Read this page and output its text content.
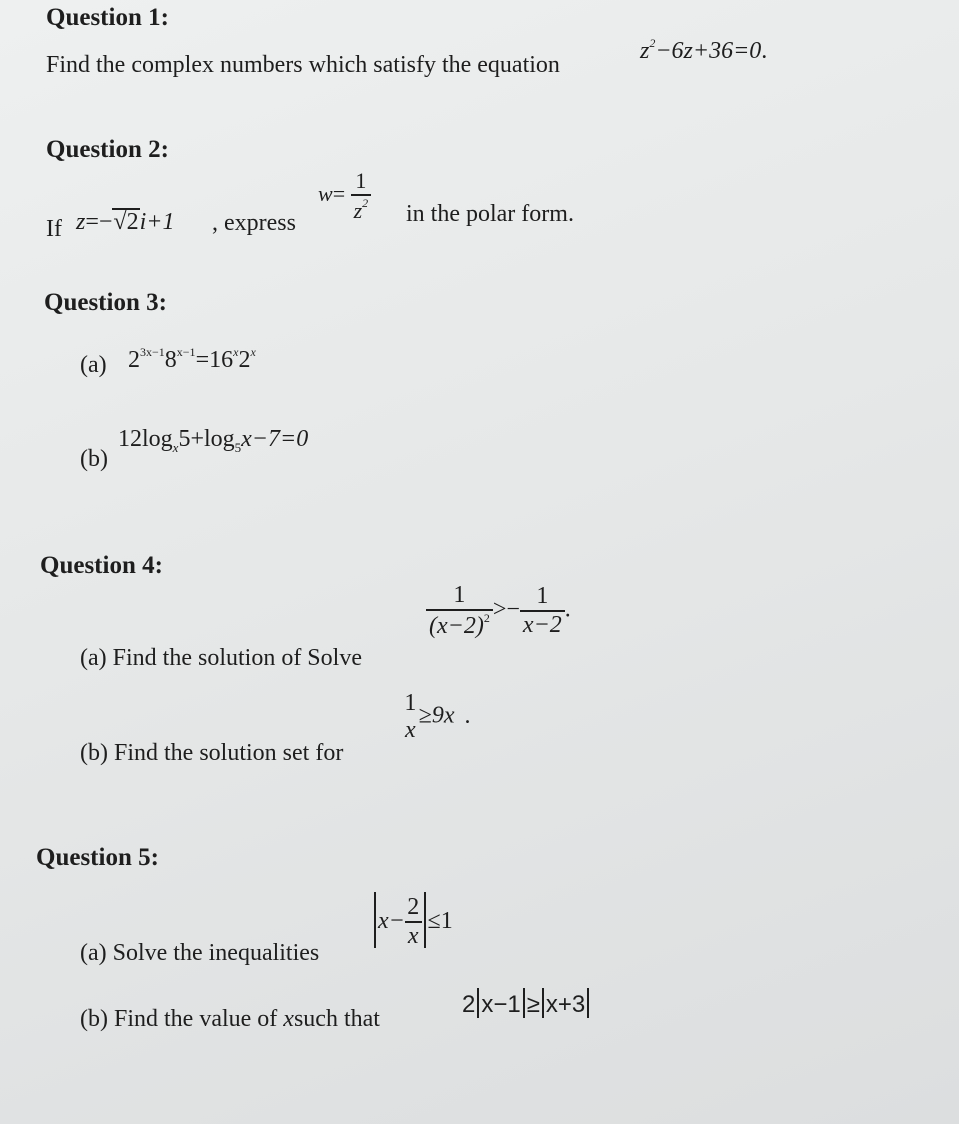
Question 1:
Find the complex numbers which satisfy the equation
$z^2-6z+36=0$.
Question 2:
If z=−√2i+1 , express
$w= \frac{1}{z^2}$ in the polar form.
Question 3:
(a) $2^{3x-1}8^{x-1}=16^x2^x$
(b)
$12\log_x5+\log_5x-7=0$
Question 4:
(a) Find the solution of Solve
$\frac{1}{(x-2)^2} >- \frac{1}{x-2}$ .
(b) Find the solution set for
1
x
≥9x .
Question 5:
(a) Solve the inequalities
$x- \frac{2}{x} \le 1$
(b) Find the value of xsuch that
2 x−1 ≥ x+3
